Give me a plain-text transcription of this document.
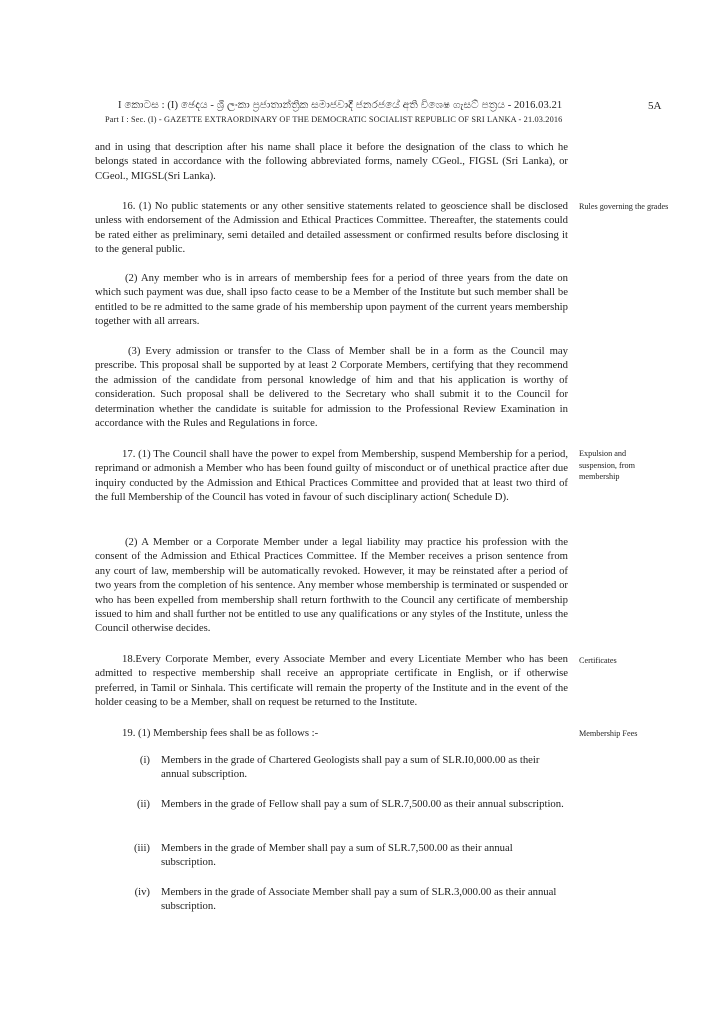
I කොටස : (I) ඡෙදය - ශ්‍රී ලංකා ප්‍රජාතාන්ත්‍රික සමාජවාදී ජනරජයේ අති විශෙෂ ගැසට් පත්‍රය - 2016.03.21	5A
Part I : Sec. (I) - GAZETTE EXTRAORDINARY OF THE DEMOCRATIC SOCIALIST REPUBLIC OF SRI LANKA - 21.03.2016

and in using that description after his name shall place it before the designation of the class to which he belongs stated in accordance with the following abbreviated forms, namely CGeol., FIGSL (Sri Lanka), or CGeol., MIGSL(Sri Lanka).

16. (1) No public statements or any other sensitive statements related to geoscience shall be disclosed unless with endorsement of the Admission and Ethical Practices Committee. Thereafter, the statements could be rated either as preliminary, semi detailed and detailed assessment or confirmed results before disclosing it to the general public.

(2) Any member who is in arrears of membership fees for a period of three years from the date on which such payment was due, shall ipso facto cease to be a Member of the Institute but such member shall be entitled to be re admitted to the same grade of his membership upon payment of the current years membership together with all arrears.

(3) Every admission or transfer to the Class of Member shall be in a form as the Council may prescribe. This proposal shall be supported by at least 2 Corporate Members, certifying that they recommend the admission of the candidate from personal knowledge of him and that his application is worthy of consideration. Such proposal shall be delivered to the Secretary who shall submit it to the Council for determination whether the candidate is suitable for admission to the Professional Review Examination in accordance with the Rules and Regulations in force.

17. (1) The Council shall have the power to expel from Membership, suspend Membership for a period, reprimand or admonish a Member who has been found guilty of misconduct or of unethical practice after due inquiry conducted by the Admission and Ethical Practices Committee and provided that at least two third of the full Membership of the Council has voted in favour of such disciplinary action( Schedule D).

(2) A Member or a Corporate Member under a legal liability may practice his profession with the consent of the Admission and Ethical Practices Committee. If the Member receives a prison sentence from any court of law, membership will be automatically revoked. However, it may be reinstated after a period of two years from the completion of his sentence. Any member whose membership is terminated or suspended or who has been expelled from membership shall return forthwith to the Council any certificate of membership issued to him and shall further not be entitled to use any qualifications or any styles of the Institute, unless the Council otherwise decides.

18.Every Corporate Member, every Associate Member and every Licentiate Member who has been admitted to respective membership shall receive an appropriate certificate in English, or if otherwise preferred, in Tamil or Sinhala. This certificate will remain the property of the Institute and in the event of the holder ceasing to be a Member, shall on request be returned to the Institute.

19. (1) Membership fees shall be as follows :-

Rules governing the grades
Expulsion and suspension, from membership
Certificates
Membership Fees
(i) Members in the grade of Chartered Geologists shall pay a sum of SLR.I0,000.00 as their annual subscription.
(ii) Members in the grade of Fellow shall pay a sum of SLR.7,500.00 as their annual subscription.
(iii) Members in the grade of Member shall pay a sum of SLR.7,500.00 as their annual subscription.
(iv) Members in the grade of Associate Member shall pay a sum of SLR.3,000.00 as their annual subscription.
